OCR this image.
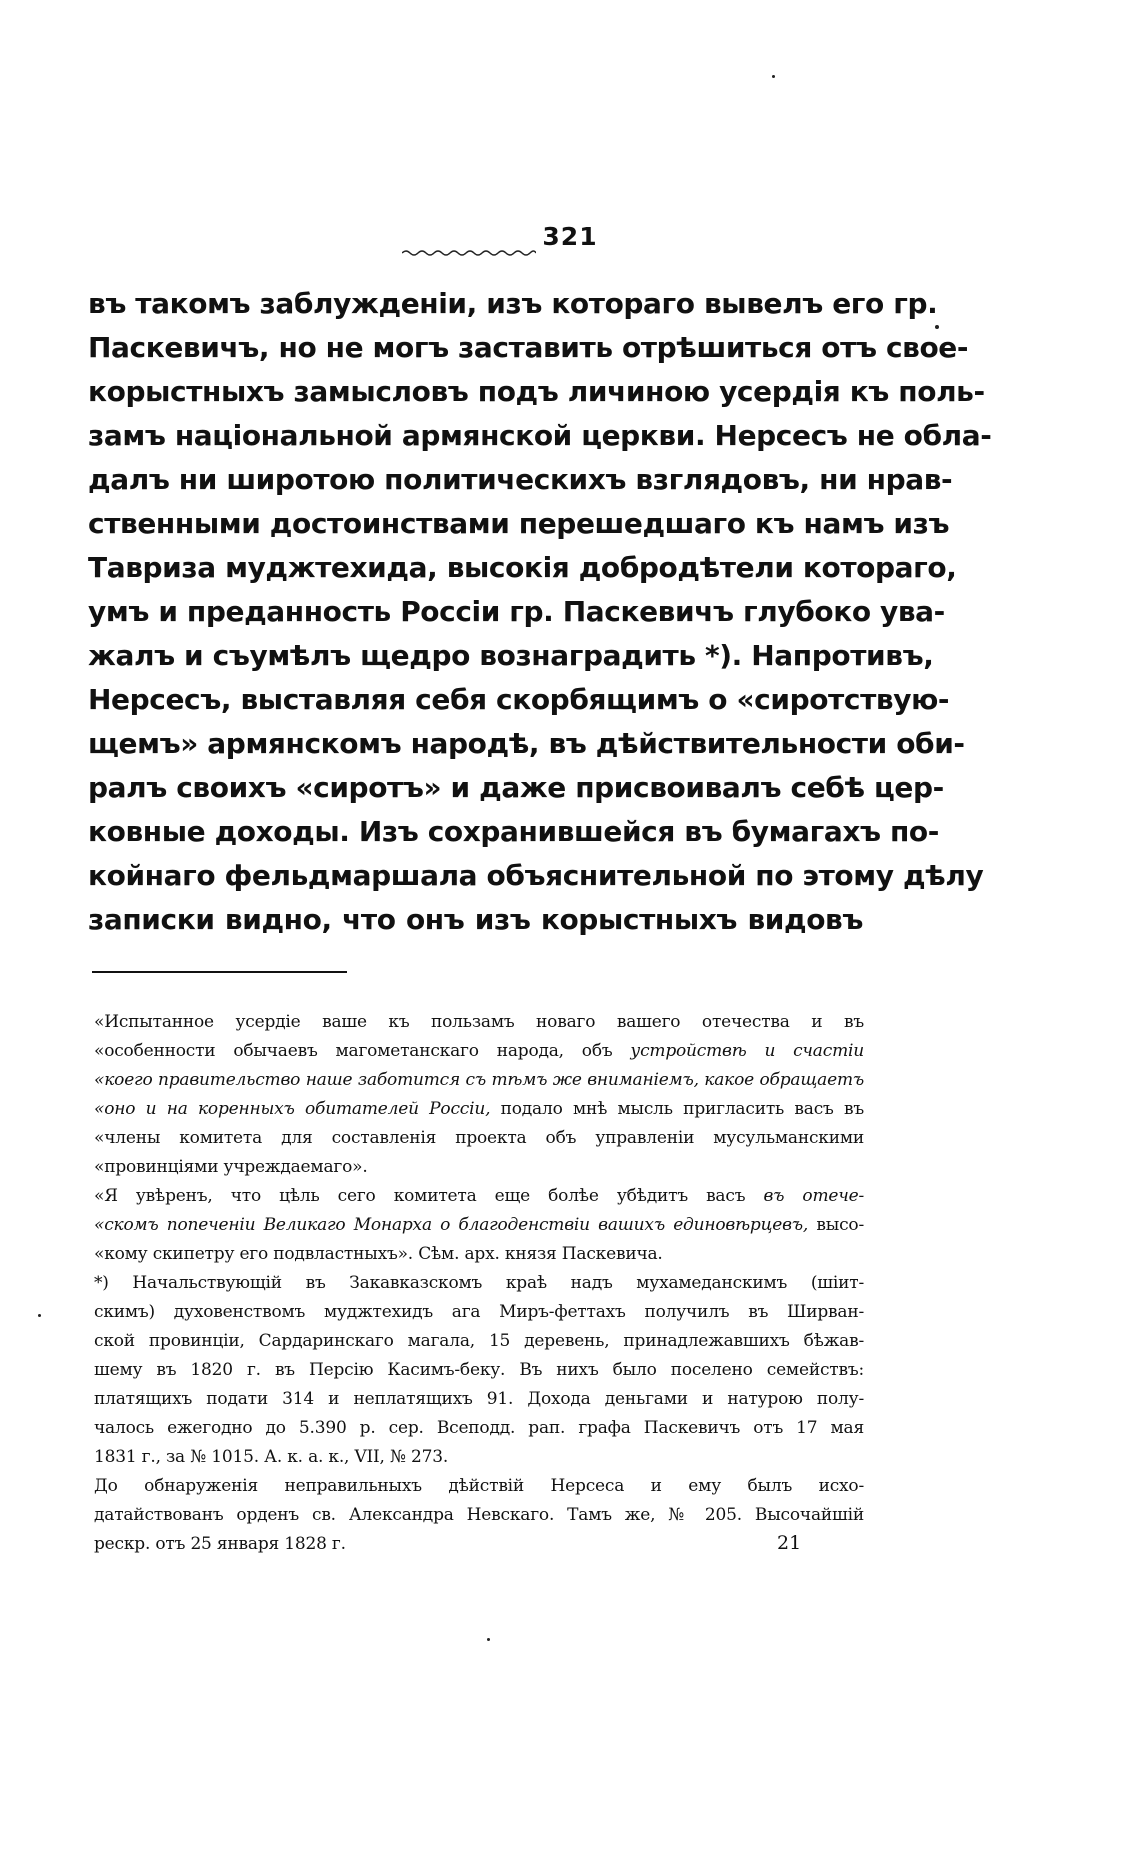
321
въ такомъ заблужденіи, изъ котораго вывелъ его гр.
Паскевичъ, но не могъ заставить отрѣшиться отъ свое-
корыстныхъ замысловъ подъ личиною усердія къ поль-
замъ національной армянской церкви. Нерсесъ не обла-
далъ ни широтою политическихъ взглядовъ, ни нрав-
ственными достоинствами перешедшаго къ намъ изъ
Тавриза муджтехида, высокія добродѣтели котораго,
умъ и преданность Россіи гр. Паскевичъ глубоко ува-
жалъ и съумѣлъ щедро вознаградить *). Напротивъ,
Нерсесъ, выставляя себя скорбящимъ о «сиротствую-
щемъ» армянскомъ народѣ, въ дѣйствительности оби-
ралъ своихъ «сиротъ» и даже присвоивалъ себѣ цер-
ковные доходы. Изъ сохранившейся въ бумагахъ по-
койнаго фельдмаршала объяснительной по этому дѣлу
записки видно, что онъ изъ корыстныхъ видовъ
«Испытанное усердіе ваше къ пользамъ новаго вашего отечества и въ
«особенности обычаевъ магометанскаго народа, объ устройствѣ и счастіи
«коего правительство наше заботится съ тѣмъ же вниманіемъ, какое обращаетъ
«оно и на коренныхъ обитателей Россіи, подало мнѣ мысль пригласить васъ въ
«члены комитета для составленія проекта объ управленіи мусульманскими
«провинціями учреждаемаго».
«Я увѣренъ, что цѣль сего комитета еще болѣе убѣдитъ васъ въ отече-
«скомъ попеченіи Великаго Монарха о благоденствіи вашихъ единовѣрцевъ, высо-
«кому скипетру его подвластныхъ». Сѣм. арх. князя Паскевича.
*) Начальствующій въ Закавказскомъ краѣ надъ мухамеданскимъ (шіит-
скимъ) духовенствомъ муджтехидъ ага Миръ-феттахъ получилъ въ Ширван-
ской провинціи, Сардаринскаго магала, 15 деревень, принадлежавшихъ бѣжав-
шему въ 1820 г. въ Персію Касимъ-беку. Въ нихъ было поселено семействъ:
платящихъ подати 314 и неплатящихъ 91. Дохода деньгами и натурою полу-
чалось ежегодно до 5.390 р. сер. Всеподд. рап. графа Паскевичъ отъ 17 мая
1831 г., за № 1015. А. к. а. к., VII, № 273.
До обнаруженія неправильныхъ дѣйствій Нерсеса и ему былъ исхо-
датайствованъ орденъ св. Александра Невскаго. Тамъ же, № 205. Высочайшій
рескр. отъ 25 января 1828 г.	21
